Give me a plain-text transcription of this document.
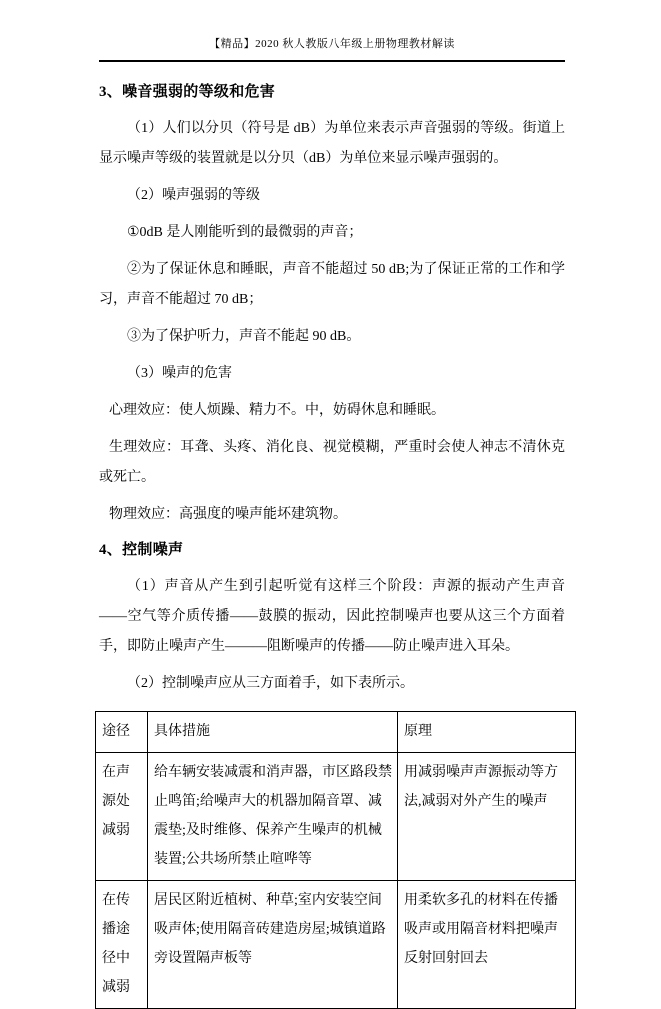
【精品】2020 秋人教版八年级上册物理教材解读
3、噪音强弱的等级和危害

（1）人们以分贝（符号是 dB）为单位来表示声音强弱的等级。街道上显示噪声等级的装置就是以分贝（dB）为单位来显示噪声强弱的。

（2）噪声强弱的等级

①0dB 是人刚能听到的最微弱的声音；

②为了保证休息和睡眠，声音不能超过 50 dB;为了保证正常的工作和学习，声音不能超过 70 dB；

③为了保护听力，声音不能起 90 dB。

（3）噪声的危害

心理效应：使人烦躁、精力不。中，妨碍休息和睡眠。

生理效应：耳聋、头疼、消化良、视觉模糊，严重时会使人神志不清休克或死亡。

物理效应：高强度的噪声能坏建筑物。

4、控制噪声

（1）声音从产生到引起听觉有这样三个阶段：声源的振动产生声音——空气等介质传播——鼓膜的振动，因此控制噪声也要从这三个方面着手，即防止噪声产生———阻断噪声的传播——防止噪声进入耳朵。

（2）控制噪声应从三方面着手，如下表所示。

途径	具体措施	原理
在声源处减弱	给车辆安装减震和消声器，市区路段禁止鸣笛;给噪声大的机器加隔音罩、减震垫;及时维修、保养产生噪声的机械装置;公共场所禁止喧哗等	用减弱噪声声源振动等方法,减弱对外产生的噪声
在传播途径中减弱	居民区附近植树、种草;室内安装空间吸声体;使用隔音砖建造房屋;城镇道路旁设置隔声板等	用柔软多孔的材料在传播吸声或用隔音材料把噪声反射回射回去
